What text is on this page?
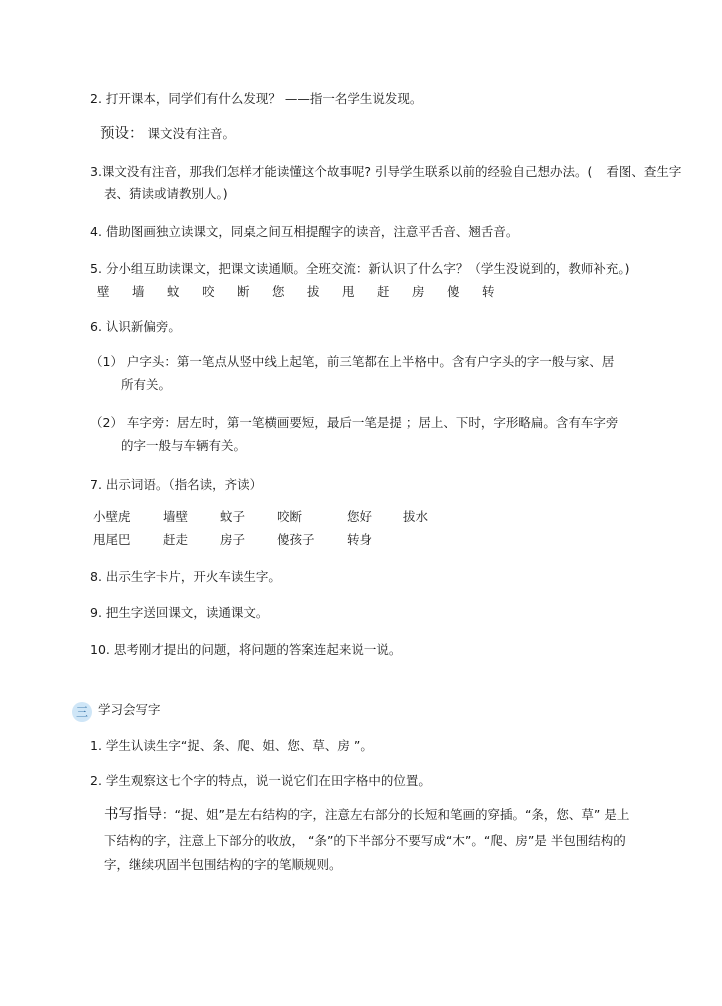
2. 打开课本，同学们有什么发现？ ——指一名学生说发现。
预设： 课文没有注音。
3.课文没有注音，那我们怎样才能读懂这个故事呢? 引导学生联系以前的经验自己想办法。( 看图、查生字
表、猜读或请教别人。)
4. 借助图画独立读课文，同桌之间互相提醒字的读音，注意平舌音、翘舌音。
5. 分小组互助读课文，把课文读通顺。全班交流：新认识了什么字？（学生没说到的，教师补充。)
壁	墙	蚊	咬	断	您	拔	甩	赶	房	傻	转
6. 认识新偏旁。
（1） 户字头：第一笔点从竖中线上起笔，前三笔都在上半格中。含有户字头的字一般与家、居
所有关。
（2） 车字旁：居左时，第一笔横画要短，最后一笔是提 ；居上、下时，字形略扁。含有车字旁
的字一般与车辆有关。
7. 出示词语。（指名读，齐读）
小壁虎	墙壁	蚊子	咬断	您好	拔水
甩尾巴	赶走	房子	傻孩子	转身
8. 出示生字卡片，开火车读生字。
9. 把生字送回课文，读通课文。
10. 思考刚才提出的问题，将问题的答案连起来说一说。
三 学习会写字
1. 学生认读生字“捉、条、爬、姐、您、草、房 ”。
2. 学生观察这七个字的特点，说一说它们在田字格中的位置。
书写指导：“捉、姐”是左右结构的字，注意左右部分的长短和笔画的穿插。“条，您、草” 是上
下结构的字，注意上下部分的收放， “条”的下半部分不要写成“木”。“爬、房”是 半包围结构的
字，继续巩固半包围结构的字的笔顺规则。
